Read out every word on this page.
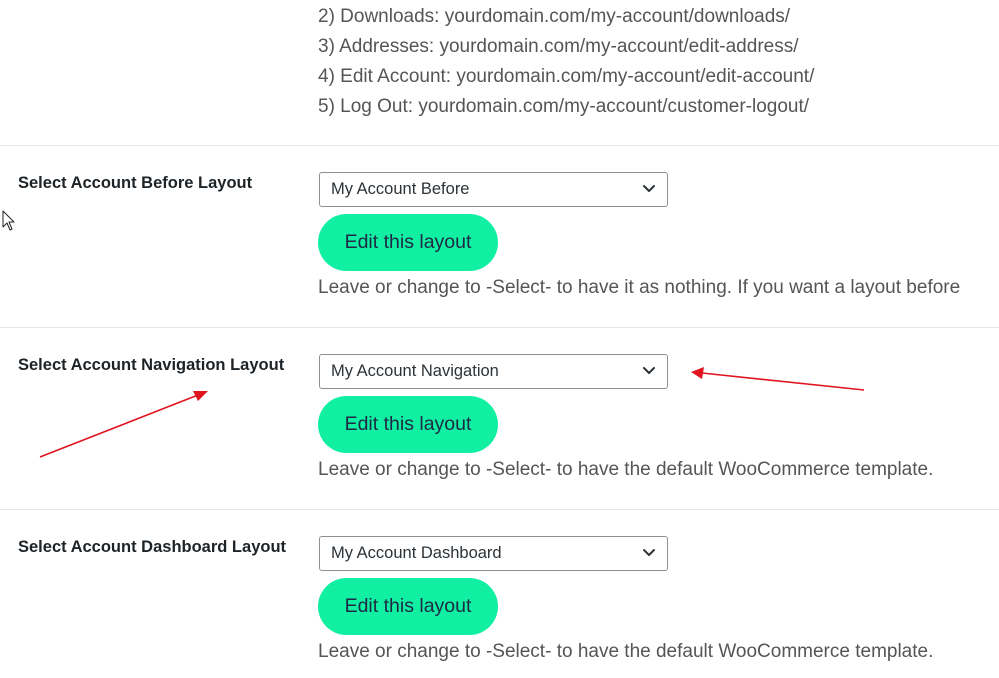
2) Downloads: yourdomain.com/my-account/downloads/
3) Addresses: yourdomain.com/my-account/edit-address/
4) Edit Account: yourdomain.com/my-account/edit-account/
5) Log Out: yourdomain.com/my-account/customer-logout/
Select Account Before Layout	My Account Before
Edit this layout
Leave or change to -Select- to have it as nothing. If you want a layout before
Select Account Navigation Layout	My Account Navigation
Edit this layout
Leave or change to -Select- to have the default WooCommerce template.
Select Account Dashboard Layout	My Account Dashboard
Edit this layout
Leave or change to -Select- to have the default WooCommerce template.
